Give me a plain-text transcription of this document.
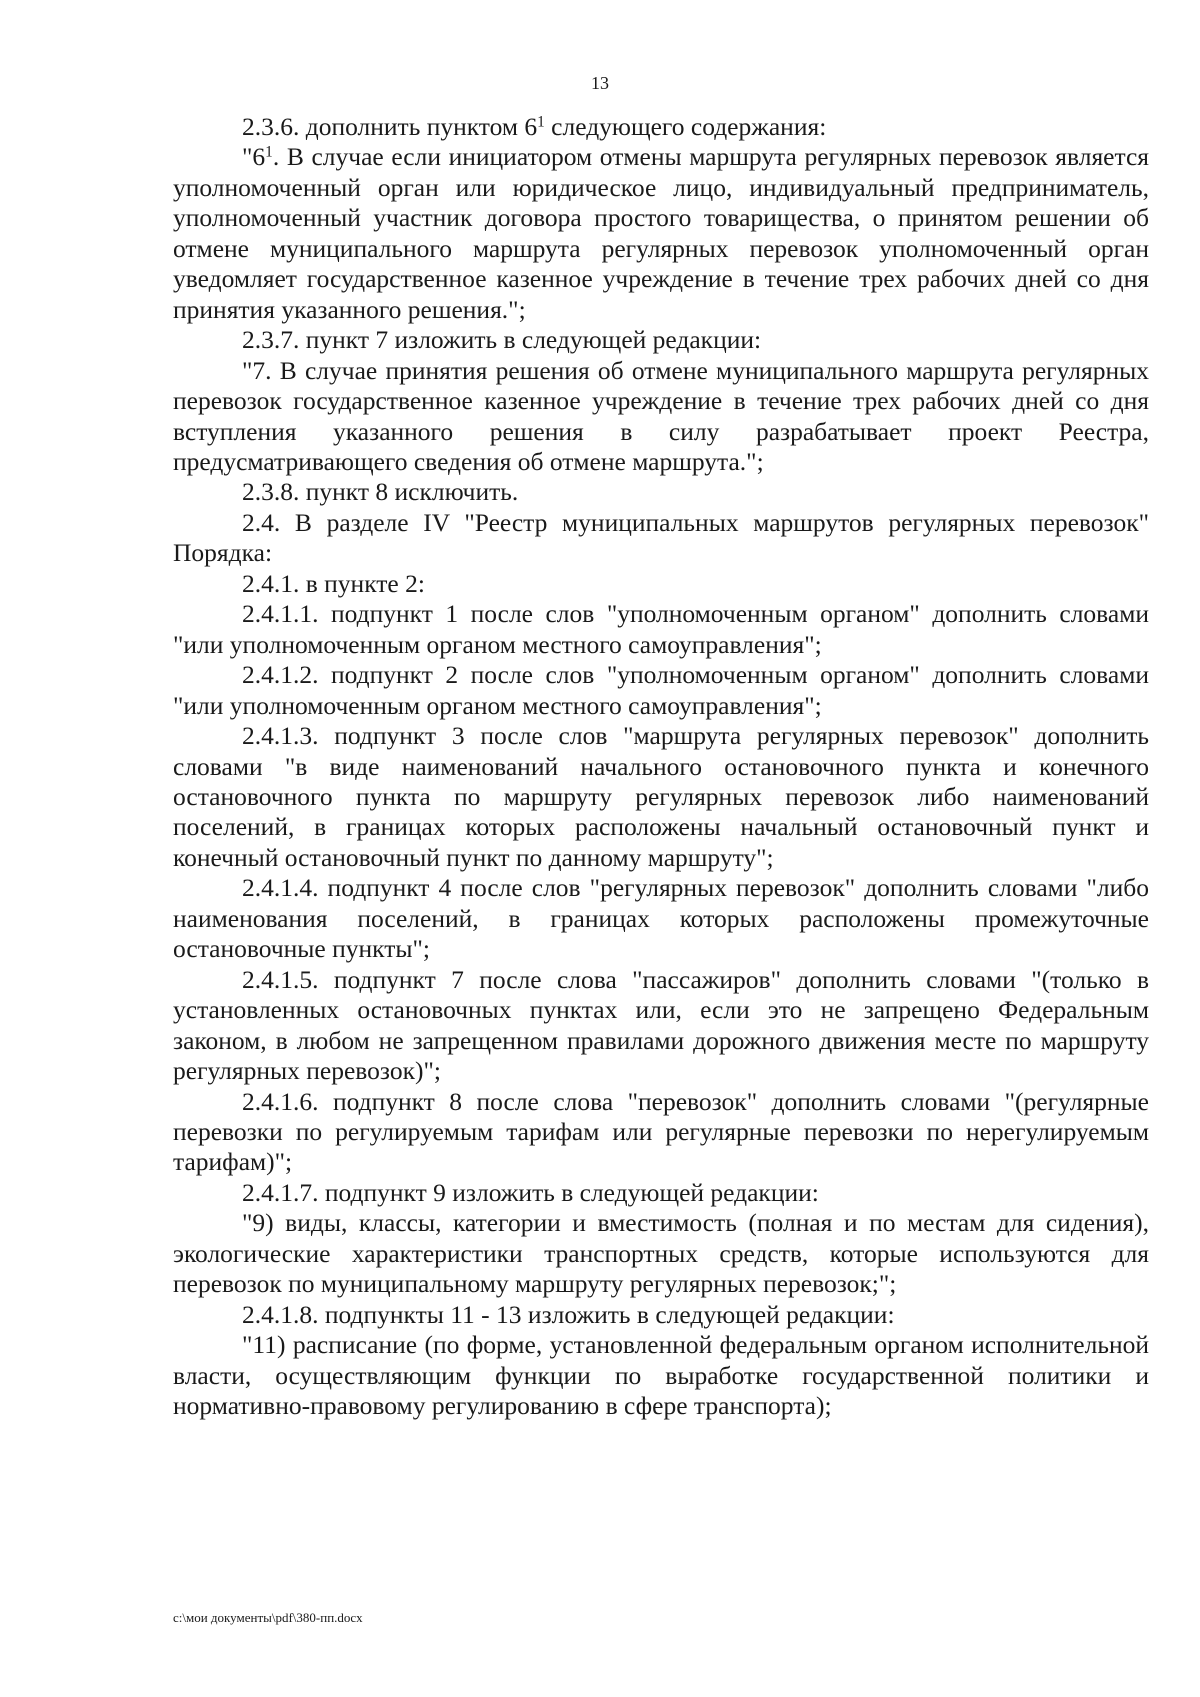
13

2.3.6. дополнить пунктом $6^1$ следующего содержания:

"$6^1$. В случае если инициатором отмены маршрута регулярных перевозок является уполномоченный орган или юридическое лицо, индивидуальный предприниматель, уполномоченный участник договора простого товарищества, о принятом решении об отмене муниципального маршрута регулярных перевозок уполномоченный орган уведомляет государственное казенное учреждение в течение трех рабочих дней со дня принятия указанного решения.";

2.3.7. пункт 7 изложить в следующей редакции:

"7. В случае принятия решения об отмене муниципального маршрута регулярных перевозок государственное казенное учреждение в течение трех рабочих дней со дня вступления указанного решения в силу разрабатывает проект Реестра, предусматривающего сведения об отмене маршрута.";

2.3.8. пункт 8 исключить.

2.4. В разделе IV "Реестр муниципальных маршрутов регулярных перевозок" Порядка:

2.4.1. в пункте 2:

2.4.1.1. подпункт 1 после слов "уполномоченным органом" дополнить словами "или уполномоченным органом местного самоуправления";

2.4.1.2. подпункт 2 после слов "уполномоченным органом" дополнить словами "или уполномоченным органом местного самоуправления";

2.4.1.3. подпункт 3 после слов "маршрута регулярных перевозок" дополнить словами "в виде наименований начального остановочного пункта и конечного остановочного пункта по маршруту регулярных перевозок либо наименований поселений, в границах которых расположены начальный остановочный пункт и конечный остановочный пункт по данному маршруту";

2.4.1.4. подпункт 4 после слов "регулярных перевозок" дополнить словами "либо наименования поселений, в границах которых расположены промежуточные остановочные пункты";

2.4.1.5. подпункт 7 после слова "пассажиров" дополнить словами "(только в установленных остановочных пунктах или, если это не запрещено Федеральным законом, в любом не запрещенном правилами дорожного движения месте по маршруту регулярных перевозок)";

2.4.1.6. подпункт 8 после слова "перевозок" дополнить словами "(регулярные перевозки по регулируемым тарифам или регулярные перевозки по нерегулируемым тарифам)";

2.4.1.7. подпункт 9 изложить в следующей редакции:

"9) виды, классы, категории и вместимость (полная и по местам для сидения), экологические характеристики транспортных средств, которые используются для перевозок по муниципальному маршруту регулярных перевозок;";

2.4.1.8. подпункты 11 - 13 изложить в следующей редакции:

"11) расписание (по форме, установленной федеральным органом исполнительной власти, осуществляющим функции по выработке государственной политики и нормативно-правовому регулированию в сфере транспорта);

c:\мои документы\pdf\380-пп.docx
